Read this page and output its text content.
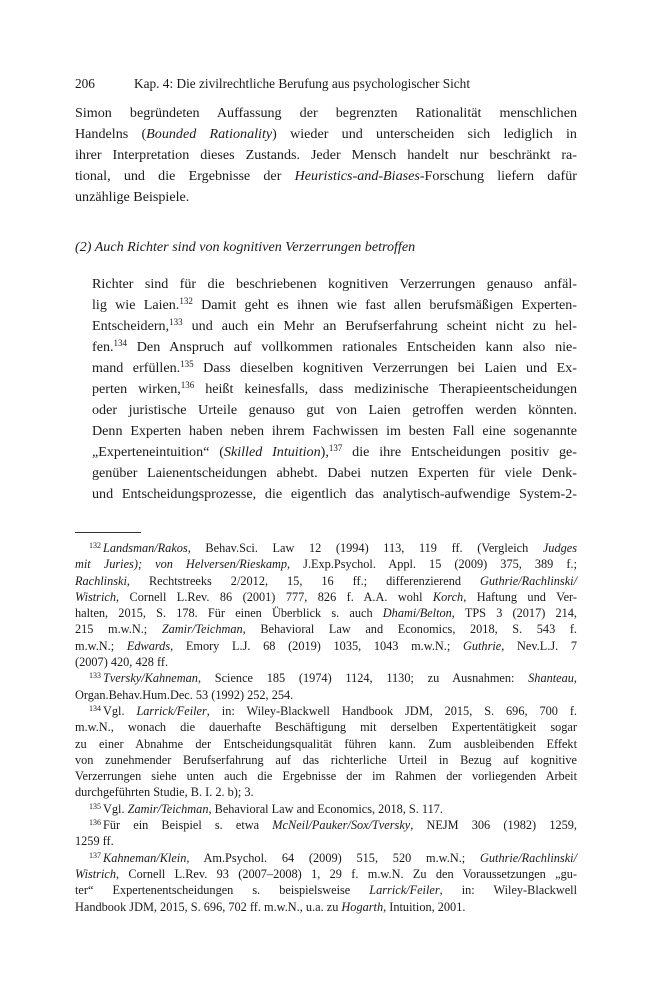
206	Kap. 4: Die zivilrechtliche Berufung aus psychologischer Sicht
Simon begründeten Auffassung der begrenzten Rationalität menschlichen
Handelns (Bounded Rationality) wieder und unterscheiden sich lediglich in
ihrer Interpretation dieses Zustands. Jeder Mensch handelt nur beschränkt ra-
tional, und die Ergebnisse der Heuristics-and-Biases-Forschung liefern dafür
unzählige Beispiele.
(2) Auch Richter sind von kognitiven Verzerrungen betroffen
Richter sind für die beschriebenen kognitiven Verzerrungen genauso anfäl-
lig wie Laien.$^{132}$ Damit geht es ihnen wie fast allen berufsmäßigen Experten-
Entscheidern,$^{133}$ und auch ein Mehr an Berufserfahrung scheint nicht zu hel-
fen.$^{134}$ Den Anspruch auf vollkommen rationales Entscheiden kann also nie-
mand erfüllen.$^{135}$ Dass dieselben kognitiven Verzerrungen bei Laien und Ex-
perten wirken,$^{136}$ heißt keinesfalls, dass medizinische Therapieentscheidungen
oder juristische Urteile genauso gut von Laien getroffen werden könnten.
Denn Experten haben neben ihrem Fachwissen im besten Fall eine sogenannte
„Experteneintuition“ (Skilled Intuition),$^{137}$ die ihre Entscheidungen positiv ge-
genüber Laienentscheidungen abhebt. Dabei nutzen Experten für viele Denk-
und Entscheidungsprozesse, die eigentlich das analytisch-aufwendige System-2-
$^{132}$ Landsman/Rakos, Behav.Sci. Law 12 (1994) 113, 119 ff. (Vergleich Judges
mit Juries); von Helversen/Rieskamp, J.Exp.Psychol. Appl. 15 (2009) 375, 389 f.;
Rachlinski, Rechtstreeks 2/2012, 15, 16 ff.; differenzierend Guthrie/Rachlinski/
Wistrich, Cornell L.Rev. 86 (2001) 777, 826 f. A.A. wohl Korch, Haftung und Ver-
halten, 2015, S. 178. Für einen Überblick s. auch Dhami/Belton, TPS 3 (2017) 214,
215 m.w.N.; Zamir/Teichman, Behavioral Law and Economics, 2018, S. 543 f.
m.w.N.; Edwards, Emory L.J. 68 (2019) 1035, 1043 m.w.N.; Guthrie, Nev.L.J. 7
(2007) 420, 428 ff.
$^{133}$ Tversky/Kahneman, Science 185 (1974) 1124, 1130; zu Ausnahmen: Shanteau,
Organ.Behav.Hum.Dec. 53 (1992) 252, 254.
$^{134}$ Vgl. Larrick/Feiler, in: Wiley-Blackwell Handbook JDM, 2015, S. 696, 700 f.
m.w.N., wonach die dauerhafte Beschäftigung mit derselben Expertentätigkeit sogar
zu einer Abnahme der Entscheidungsqualität führen kann. Zum ausbleibenden Effekt
von zunehmender Berufserfahrung auf das richterliche Urteil in Bezug auf kognitive
Verzerrungen siehe unten auch die Ergebnisse der im Rahmen der vorliegenden Arbeit
durchgeführten Studie, B. I. 2. b); 3.
$^{135}$ Vgl. Zamir/Teichman, Behavioral Law and Economics, 2018, S. 117.
$^{136}$ Für ein Beispiel s. etwa McNeil/Pauker/Sox/Tversky, NEJM 306 (1982) 1259,
1259 ff.
$^{137}$ Kahneman/Klein, Am.Psychol. 64 (2009) 515, 520 m.w.N.; Guthrie/Rachlinski/
Wistrich, Cornell L.Rev. 93 (2007–2008) 1, 29 f. m.w.N. Zu den Voraussetzungen „gu-
ter“ Expertenentscheidungen s. beispielsweise Larrick/Feiler, in: Wiley-Blackwell
Handbook JDM, 2015, S. 696, 702 ff. m.w.N., u.a. zu Hogarth, Intuition, 2001.
